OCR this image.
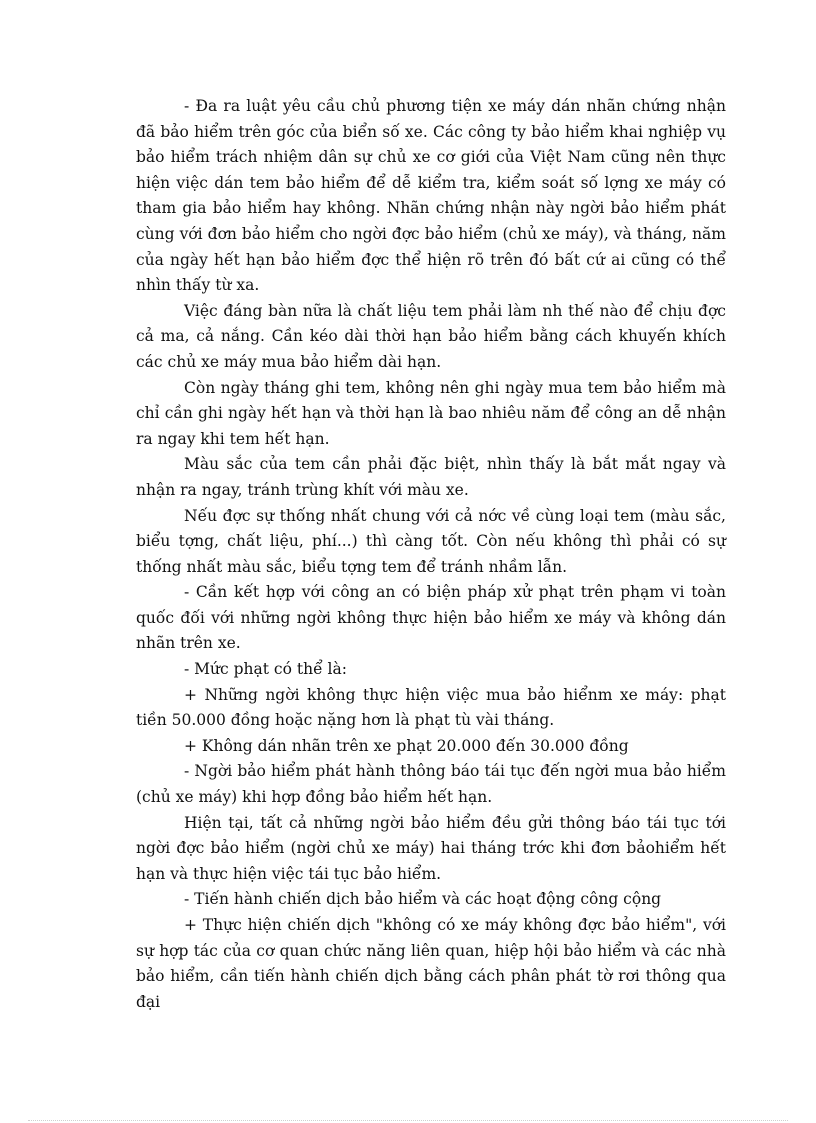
- Đa ra luật yêu cầu chủ phương tiện xe máy dán nhãn chứng nhận đã bảo hiểm trên góc của biển số xe. Các công ty bảo hiểm khai nghiệp vụ bảo hiểm trách nhiệm dân sự chủ xe cơ giới của Việt Nam cũng nên thực hiện việc dán tem bảo hiểm để dễ kiểm tra, kiểm soát số lợng xe máy có tham gia bảo hiểm hay không. Nhãn chứng nhận này ngời bảo hiểm phát cùng với đơn bảo hiểm cho ngời đợc bảo hiểm (chủ xe máy), và tháng, năm của ngày hết hạn bảo hiểm đợc thể hiện rõ trên đó bất cứ ai cũng có thể nhìn thấy từ xa.

Việc đáng bàn nữa là chất liệu tem phải làm nh thế nào để chịu đợc cả ma, cả nắng. Cần kéo dài thời hạn bảo hiểm bằng cách khuyến khích các chủ xe máy mua bảo hiểm dài hạn.

Còn ngày tháng ghi tem, không nên ghi ngày mua tem bảo hiểm mà chỉ cần ghi ngày hết hạn và thời hạn là bao nhiêu năm để công an dễ nhận ra ngay khi tem hết hạn.

Màu sắc của tem cần phải đặc biệt, nhìn thấy là bắt mắt ngay và nhận ra ngay, tránh trùng khít với màu xe.

Nếu đợc sự thống nhất chung với cả nớc về cùng loại tem (màu sắc, biểu tợng, chất liệu, phí...) thì càng tốt. Còn nếu không thì phải có sự thống nhất màu sắc, biểu tợng tem để tránh nhầm lẫn.

- Cần kết hợp với công an có biện pháp xử phạt trên phạm vi toàn quốc đối với những ngời không thực hiện bảo hiểm xe máy và không dán nhãn trên xe.

- Mức phạt có thể là:

+ Những ngời không thực hiện việc mua bảo hiểnm xe máy: phạt tiền 50.000 đồng hoặc nặng hơn là phạt tù vài tháng.

+ Không dán nhãn trên xe phạt 20.000 đến 30.000 đồng

- Ngời bảo hiểm phát hành thông báo tái tục đến ngời mua bảo hiểm (chủ xe máy) khi hợp đồng bảo hiểm hết hạn.

Hiện tại, tất cả những ngời bảo hiểm đều gửi thông báo tái tục tới ngời đợc bảo hiểm (ngời chủ xe máy) hai tháng trớc khi đơn bảohiểm hết hạn và thực hiện việc tái tục bảo hiểm.

- Tiến hành chiến dịch bảo hiểm và các hoạt động công cộng

+ Thực hiện chiến dịch "không có xe máy không đợc bảo hiểm", với sự hợp tác của cơ quan chức năng liên quan, hiệp hội bảo hiểm và các nhà bảo hiểm, cần tiến hành chiến dịch bằng cách phân phát tờ rơi thông qua đại
